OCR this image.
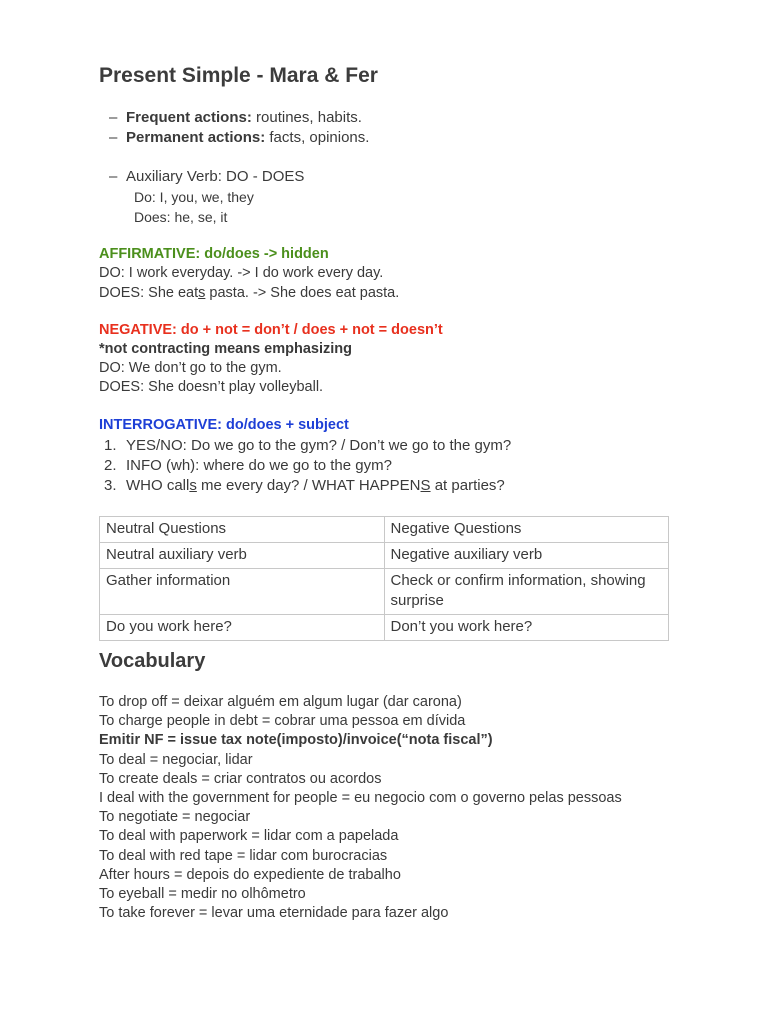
Present Simple - Mara & Fer
– Frequent actions: routines, habits.
– Permanent actions: facts, opinions.
– Auxiliary Verb: DO - DOES
Do: I, you, we, they
Does: he, se, it
AFFIRMATIVE: do/does -> hidden
DO: I work everyday. -> I do work every day.
DOES: She eats pasta. -> She does eat pasta.
NEGATIVE: do + not = don’t / does + not = doesn’t
*not contracting means emphasizing
DO: We don’t go to the gym.
DOES: She doesn’t play volleyball.
INTERROGATIVE: do/does + subject
1. YES/NO: Do we go to the gym? / Don’t we go to the gym?
2. INFO (wh): where do we go to the gym?
3. WHO calls me every day? / WHAT HAPPENS at parties?
Neutral Questions	Negative Questions
Neutral auxiliary verb	Negative auxiliary verb
Gather information	Check or confirm information, showing surprise
Do you work here?	Don’t you work here?
Vocabulary
To drop off = deixar alguém em algum lugar (dar carona)
To charge people in debt = cobrar uma pessoa em dívida
Emitir NF = issue tax note(imposto)/invoice(“nota fiscal”)
To deal = negociar, lidar
To create deals = criar contratos ou acordos
I deal with the government for people = eu negocio com o governo pelas pessoas
To negotiate = negociar
To deal with paperwork = lidar com a papelada
To deal with red tape = lidar com burocracias
After hours = depois do expediente de trabalho
To eyeball = medir no olhômetro
To take forever = levar uma eternidade para fazer algo
